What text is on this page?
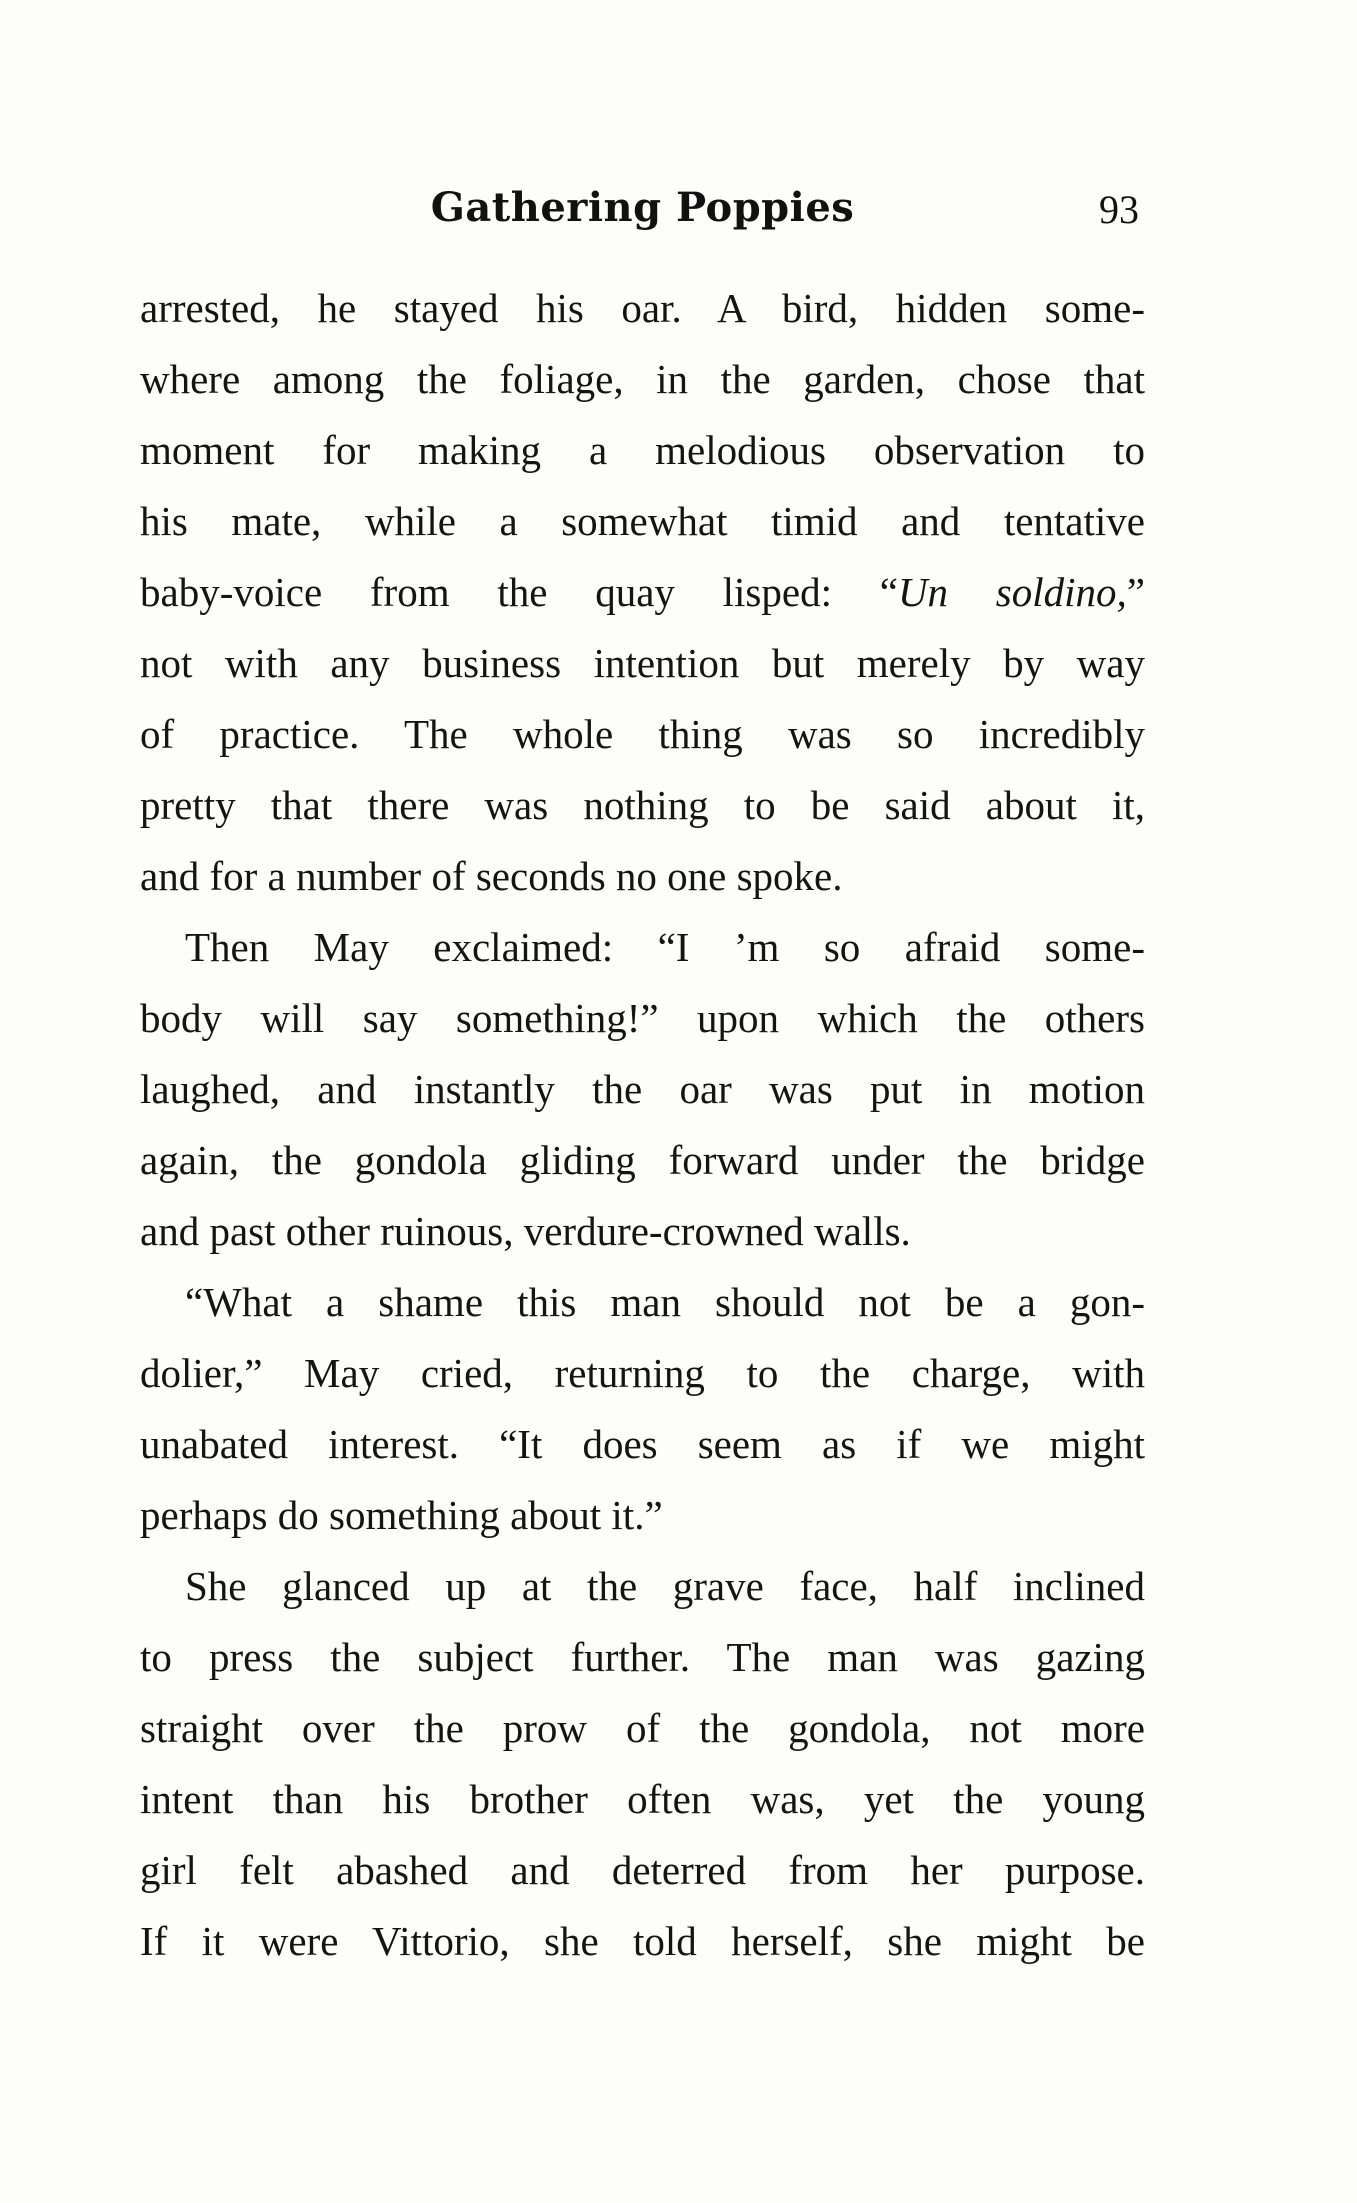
Gathering Poppies	93
arrested, he stayed his oar. A bird, hidden some-
where among the foliage, in the garden, chose that
moment for making a melodious observation to
his mate, while a somewhat timid and tentative
baby-voice from the quay lisped: “Un soldino,”
not with any business intention but merely by way
of practice. The whole thing was so incredibly
pretty that there was nothing to be said about it,
and for a number of seconds no one spoke.
Then May exclaimed: “I ’m so afraid some-
body will say something!” upon which the others
laughed, and instantly the oar was put in motion
again, the gondola gliding forward under the bridge
and past other ruinous, verdure-crowned walls.
“What a shame this man should not be a gon-
dolier,” May cried, returning to the charge, with
unabated interest. “It does seem as if we might
perhaps do something about it.”
She glanced up at the grave face, half inclined
to press the subject further. The man was gazing
straight over the prow of the gondola, not more
intent than his brother often was, yet the young
girl felt abashed and deterred from her purpose.
If it were Vittorio, she told herself, she might be
